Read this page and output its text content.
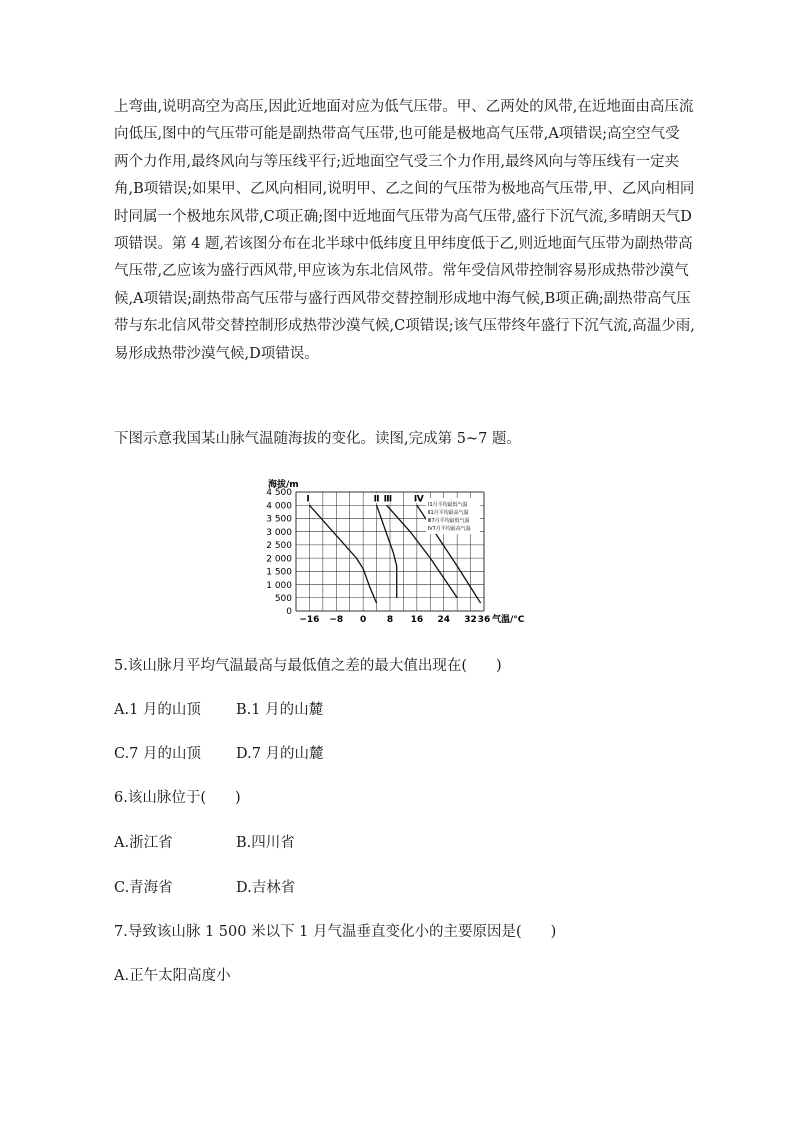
上弯曲,说明高空为高压,因此近地面对应为低气压带。甲、乙两处的风带,在近地面由高压流
向低压,图中的气压带可能是副热带高气压带,也可能是极地高气压带,A项错误;高空空气受
两个力作用,最终风向与等压线平行;近地面空气受三个力作用,最终风向与等压线有一定夹
角,B项错误;如果甲、乙风向相同,说明甲、乙之间的气压带为极地高气压带,甲、乙风向相同
时同属一个极地东风带,C项正确;图中近地面气压带为高气压带,盛行下沉气流,多晴朗天气D
项错误。第 4 题,若该图分布在北半球中低纬度且甲纬度低于乙,则近地面气压带为副热带高
气压带,乙应该为盛行西风带,甲应该为东北信风带。常年受信风带控制容易形成热带沙漠气
候,A项错误;副热带高气压带与盛行西风带交替控制形成地中海气候,B项正确;副热带高气压
带与东北信风带交替控制形成热带沙漠气候,C项错误;该气压带终年盛行下沉气流,高温少雨,
易形成热带沙漠气候,D项错误。
下图示意我国某山脉气温随海拔的变化。读图,完成第 5~7 题。
海拔/m
0
500
1 000
1 500
2 000
2 500
3 000
3 500
4 000
4 500
−16 −8 0 8 16 24 32 36 气温/°C
Ⅰ1月平均最低气温
Ⅱ1月平均最高气温
Ⅲ7月平均最低气温
Ⅳ7月平均最高气温
Ⅰ	Ⅱ Ⅲ Ⅳ
5.该山脉月平均气温最高与最低值之差的最大值出现在(　　)
A.1 月的山顶 B.1 月的山麓
C.7 月的山顶 D.7 月的山麓
6.该山脉位于(　　)
A.浙江省	B.四川省
C.青海省	D.吉林省
7.导致该山脉 1 500 米以下 1 月气温垂直变化小的主要原因是(　　)
A.正午太阳高度小
